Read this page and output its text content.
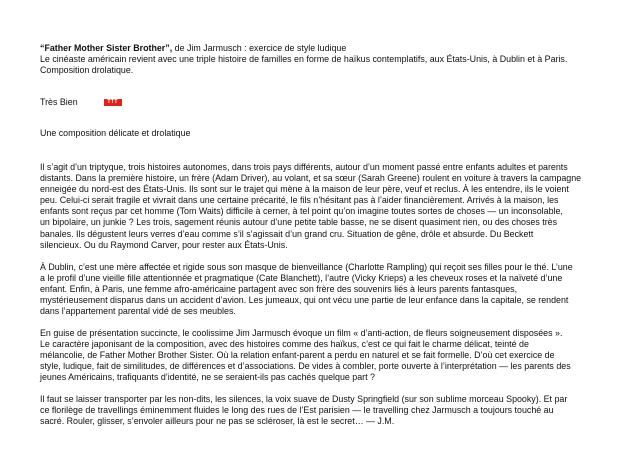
“Father Mother Sister Brother”, de Jim Jarmusch : exercice de style ludique
Le cinéaste américain revient avec une triple histoire de familles en forme de haïkus contemplatifs, aux États-Unis, à Dublin et à Paris.
Composition drolatique.
Très Bien	TTT
Une composition délicate et drolatique

Il s’agit d’un triptyque, trois histoires autonomes, dans trois pays différents, autour d’un moment passé entre enfants adultes et parents
distants. Dans la première histoire, un frère (Adam Driver), au volant, et sa sœur (Sarah Greene) roulent en voiture à travers la campagne
enneigée du nord-est des États-Unis. Ils sont sur le trajet qui mène à la maison de leur père, veuf et reclus. À les entendre, ils le voient
peu. Celui-ci serait fragile et vivrait dans une certaine précarité, le fils n’hésitant pas à l’aider financièrement. Arrivés à la maison, les
enfants sont reçus par cet homme (Tom Waits) difficile à cerner, à tel point qu’on imagine toutes sortes de choses — un inconsolable,
un bipolaire, un junkie ? Les trois, sagement réunis autour d’une petite table basse, ne se disent quasiment rien, ou des choses très
banales. Ils dégustent leurs verres d’eau comme s’il s’agissait d’un grand cru. Situation de gêne, drôle et absurde. Du Beckett
silencieux. Ou du Raymond Carver, pour rester aux États-Unis.

À Dublin, c’est une mère affectée et rigide sous son masque de bienveillance (Charlotte Rampling) qui reçoit ses filles pour le thé. L’une
a le profil d’une vieille fille attentionnée et pragmatique (Cate Blanchett), l’autre (Vicky Krieps) a les cheveux roses et la naïveté d’une
enfant. Enfin, à Paris, une femme afro-américaine partagent avec son frère des souvenirs liés à leurs parents fantasques,
mystérieusement disparus dans un accident d’avion. Les jumeaux, qui ont vécu une partie de leur enfance dans la capitale, se rendent
dans l’appartement parental vidé de ses meubles.

En guise de présentation succincte, le coolissime Jim Jarmusch évoque un film « d’anti-action, de fleurs soigneusement disposées ».
Le caractère japonisant de la composition, avec des histoires comme des haïkus, c’est ce qui fait le charme délicat, teinté de
mélancolie, de Father Mother Brother Sister. Où la relation enfant-parent a perdu en naturel et se fait formelle. D’où cet exercice de
style, ludique, fait de similitudes, de différences et d’associations. De vides à combler, porte ouverte à l’interprétation — les parents des
jeunes Américains, trafiquants d’identité, ne se seraient-ils pas cachés quelque part ?

Il faut se laisser transporter par les non-dits, les silences, la voix suave de Dusty Springfield (sur son sublime morceau Spooky). Et par
ce florilège de travellings éminemment fluides le long des rues de l’Est parisien — le travelling chez Jarmusch a toujours touché au
sacré. Rouler, glisser, s’envoler ailleurs pour ne pas se scléroser, là est le secret… — J.M.
